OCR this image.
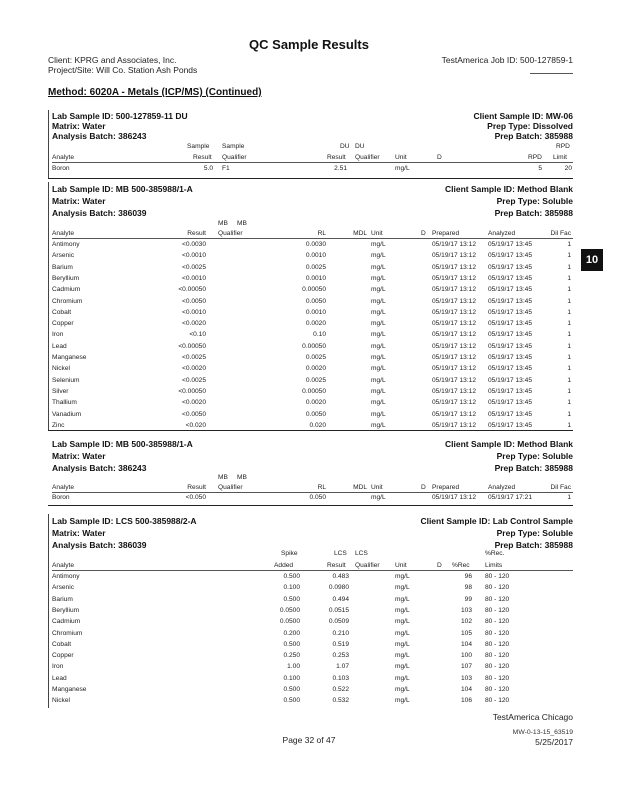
QC Sample Results
Client: KPRG and Associates, Inc.
Project/Site: Will Co. Station Ash Ponds
TestAmerica Job ID: 500-127859-1
Method: 6020A - Metals (ICP/MS) (Continued)
10
Lab Sample ID: 500-127859-11 DU
Matrix: Water
Analysis Batch: 386243
Client Sample ID: MW-06
Prep Type: Dissolved
Prep Batch: 385988
Sample Sample	DU DU	RPD
Analyte	Result Qualifier	Result Qualifier Unit	D	RPD Limit
Boron	5.0 F1	2.51	mg/L	5	20
Lab Sample ID: MB 500-385988/1-A
Matrix: Water
Analysis Batch: 386039
Client Sample ID: Method Blank
Prep Type: Soluble
Prep Batch: 385988
MB MB
Analyte	Result Qualifier	RL	MDL Unit	D Prepared	Analyzed	Dil Fac
Antimony	<0.0030	0.0030	mg/L	05/19/17 13:12 05/19/17 13:45	1
Arsenic	<0.0010	0.0010	mg/L	05/19/17 13:12 05/19/17 13:45	1
Barium	<0.0025	0.0025	mg/L	05/19/17 13:12 05/19/17 13:45	1
Beryllium	<0.0010	0.0010	mg/L	05/19/17 13:12 05/19/17 13:45	1
Cadmium	<0.00050	0.00050	mg/L	05/19/17 13:12 05/19/17 13:45	1
Chromium	<0.0050	0.0050	mg/L	05/19/17 13:12 05/19/17 13:45	1
Cobalt	<0.0010	0.0010	mg/L	05/19/17 13:12 05/19/17 13:45	1
Copper	<0.0020	0.0020	mg/L	05/19/17 13:12 05/19/17 13:45	1
Iron	<0.10	0.10	mg/L	05/19/17 13:12 05/19/17 13:45	1
Lead	<0.00050	0.00050	mg/L	05/19/17 13:12 05/19/17 13:45	1
Manganese	<0.0025	0.0025	mg/L	05/19/17 13:12 05/19/17 13:45	1
Nickel	<0.0020	0.0020	mg/L	05/19/17 13:12 05/19/17 13:45	1
Selenium	<0.0025	0.0025	mg/L	05/19/17 13:12 05/19/17 13:45	1
Silver	<0.00050	0.00050	mg/L	05/19/17 13:12 05/19/17 13:45	1
Thallium	<0.0020	0.0020	mg/L	05/19/17 13:12 05/19/17 13:45	1
Vanadium	<0.0050	0.0050	mg/L	05/19/17 13:12 05/19/17 13:45	1
Zinc	<0.020	0.020	mg/L	05/19/17 13:12 05/19/17 13:45	1
Lab Sample ID: MB 500-385988/1-A
Matrix: Water
Analysis Batch: 386243
Client Sample ID: Method Blank
Prep Type: Soluble
Prep Batch: 385988
MB MB
Analyte	Result Qualifier	RL	MDL Unit	D Prepared	Analyzed	Dil Fac
Boron	<0.050	0.050	mg/L	05/19/17 13:12 05/19/17 17:21	1
Lab Sample ID: LCS 500-385988/2-A
Matrix: Water
Analysis Batch: 386039
Client Sample ID: Lab Control Sample
Prep Type: Soluble
Prep Batch: 385988
Spike	LCS LCS	%Rec.
Analyte	Added	Result Qualifier Unit	D %Rec Limits
Antimony	0.500	0.483	mg/L	96 80 - 120
Arsenic	0.100	0.0980	mg/L	98 80 - 120
Barium	0.500	0.494	mg/L	99 80 - 120
Beryllium	0.0500	0.0515	mg/L	103 80 - 120
Cadmium	0.0500	0.0509	mg/L	102 80 - 120
Chromium	0.200	0.210	mg/L	105 80 - 120
Cobalt	0.500	0.519	mg/L	104 80 - 120
Copper	0.250	0.253	mg/L	100 80 - 120
Iron	1.00	1.07	mg/L	107 80 - 120
Lead	0.100	0.103	mg/L	103 80 - 120
Manganese	0.500	0.522	mg/L	104 80 - 120
Nickel	0.500	0.532	mg/L	106 80 - 120
TestAmerica Chicago
MW-0-13-15_63519
Page 32 of 47	5/25/2017
